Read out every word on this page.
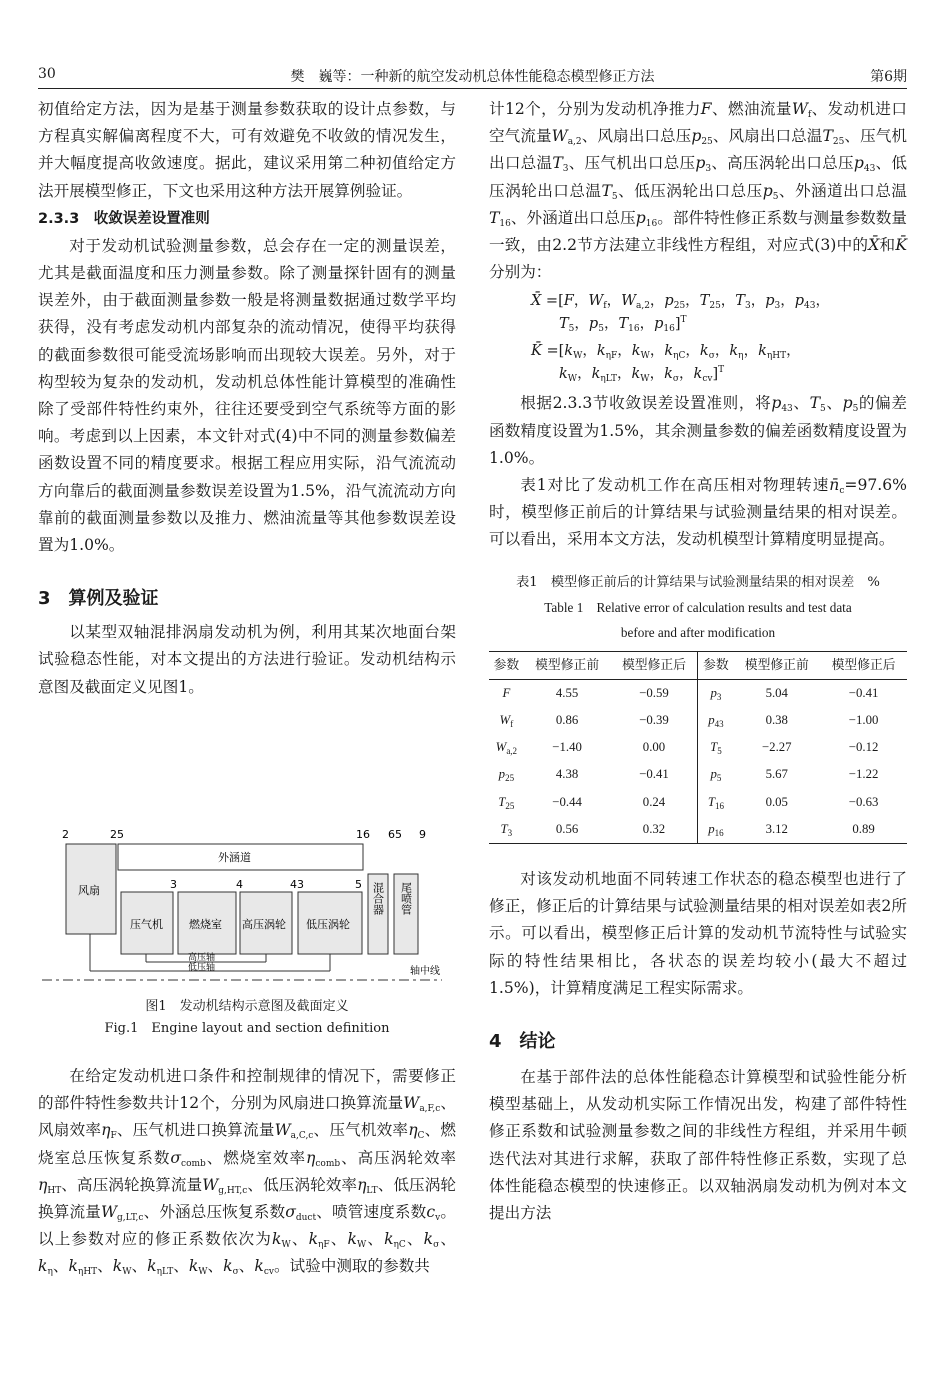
30	樊　巍等：一种新的航空发动机总体性能稳态模型修正方法	第6期

初值给定方法，因为是基于测量参数获取的设计点参数，与方程真实解偏离程度不大，可有效避免不收敛的情况发生，并大幅度提高收敛速度。据此，建议采用第二种初值给定方法开展模型修正，下文也采用这种方法开展算例验证。

2.3.3　收敛误差设置准则

对于发动机试验测量参数，总会存在一定的测量误差，尤其是截面温度和压力测量参数。除了测量探针固有的测量误差外，由于截面测量参数一般是将测量数据通过数学平均获得，没有考虑发动机内部复杂的流动情况，使得平均获得的截面参数很可能受流场影响而出现较大误差。另外，对于构型较为复杂的发动机，发动机总体性能计算模型的准确性除了受部件特性约束外，往往还要受到空气系统等方面的影响。考虑到以上因素，本文针对式(4)中不同的测量参数偏差函数设置不同的精度要求。根据工程应用实际，沿气流流动方向靠后的截面测量参数误差设置为1.5%，沿气流流动方向靠前的截面测量参数以及推力、燃油流量等其他参数误差设置为1.0%。

3　算例及验证

以某型双轴混排涡扇发动机为例，利用其某次地面台架试验稳态性能，对本文提出的方法进行验证。发动机结构示意图及截面定义见图1。

2	25	16 65 9
3	4	43	5
外涵道
风扇
压气机 燃烧室 高压涡轮 低压涡轮
混合器 尾喷管
高压轴
低压轴	轴中线
图1　发动机结构示意图及截面定义
Fig.1　Engine layout and section definition

在给定发动机进口条件和控制规律的情况下，需要修正的部件特性参数共计12个，分别为风扇进口换算流量$W_{a,F,c}$、风扇效率$\eta_F$、压气机进口换算流量$W_{a,C,c}$、压气机效率$\eta_C$、燃烧室总压恢复系数$\sigma_{comb}$、燃烧室效率$\eta_{comb}$、高压涡轮效率$\eta_{HT}$、高压涡轮换算流量$W_{g,HT,c}$、低压涡轮效率$\eta_{LT}$、低压涡轮换算流量$W_{g,LT,c}$、外涵总压恢复系数$\sigma_{duct}$、喷管速度系数$c_v$。以上参数对应的修正系数依次为$k_W$、$k_{\eta F}$、$k_W$、$k_{\eta C}$、$k_\sigma$、$k_\eta$、$k_{\eta HT}$、$k_W$、$k_{\eta LT}$、$k_W$、$k_\sigma$、$k_{cv}$。试验中测取的参数共

计12个，分别为发动机净推力F、燃油流量$W_f$、发动机进口空气流量$W_{a,2}$、风扇出口总压$p_{25}$、风扇出口总温$T_{25}$、压气机出口总温$T_3$、压气机出口总压$p_3$、高压涡轮出口总压$p_{43}$、低压涡轮出口总温$T_5$、低压涡轮出口总压$p_5$、外涵道出口总温$T_{16}$、外涵道出口总压$p_{16}$。部件特性修正系数与测量参数数量一致，由2.2节方法建立非线性方程组，对应式(3)中的X̄和K̄分别为：

X̄ =[F，$W_f$，$W_{a,2}$，$p_{25}$，$T_{25}$，$T_3$，$p_3$，$p_{43}$，
$T_5$，$p_5$，$T_{16}$，$p_{16}]^T$
K̄ $=[k_W$，$k_{\eta F}$，$k_W$，$k_{\eta C}$，$k_\sigma$，$k_\eta$，$k_{\eta HT}$，
$k_W$，$k_{\eta LT}$，$k_W$，$k_\sigma$，$k_{cv}]^T$

根据2.3.3节收敛误差设置准则，将$p_{43}$、$T_5$、$p_5$的偏差函数精度设置为1.5%，其余测量参数的偏差函数精度设置为1.0%。

表1对比了发动机工作在高压相对物理转速$n̄_c=97.6\%$时，模型修正前后的计算结果与试验测量结果的相对误差。可以看出，采用本文方法，发动机模型计算精度明显提高。

表1　模型修正前后的计算结果与试验测量结果的相对误差　%
Table 1　Relative error of calculation results and test data
before and after modification
参数	模型修正前	模型修正后	参数	模型修正前	模型修正后
F	4.55	−0.59	$p_3$	5.04	−0.41
$W_f$	0.86	−0.39	$p_{43}$	0.38	−1.00
$W_{a,2}$	−1.40	0.00	$T_5$	−2.27	−0.12
$p_{25}$	4.38	−0.41	$p_5$	5.67	−1.22
$T_{25}$	−0.44	0.24	$T_{16}$	0.05	−0.63
$T_3$	0.56	0.32	$p_{16}$	3.12	0.89

对该发动机地面不同转速工作状态的稳态模型也进行了修正，修正后的计算结果与试验测量结果的相对误差如表2所示。可以看出，模型修正后计算的发动机节流特性与试验实际的特性结果相比，各状态的误差均较小(最大不超过1.5%)，计算精度满足工程实际需求。

4　结论

在基于部件法的总体性能稳态计算模型和试验性能分析模型基础上，从发动机实际工作情况出发，构建了部件特性修正系数和试验测量参数之间的非线性方程组，并采用牛顿迭代法对其进行求解，获取了部件特性修正系数，实现了总体性能稳态模型的快速修正。以双轴涡扇发动机为例对本文提出方法
